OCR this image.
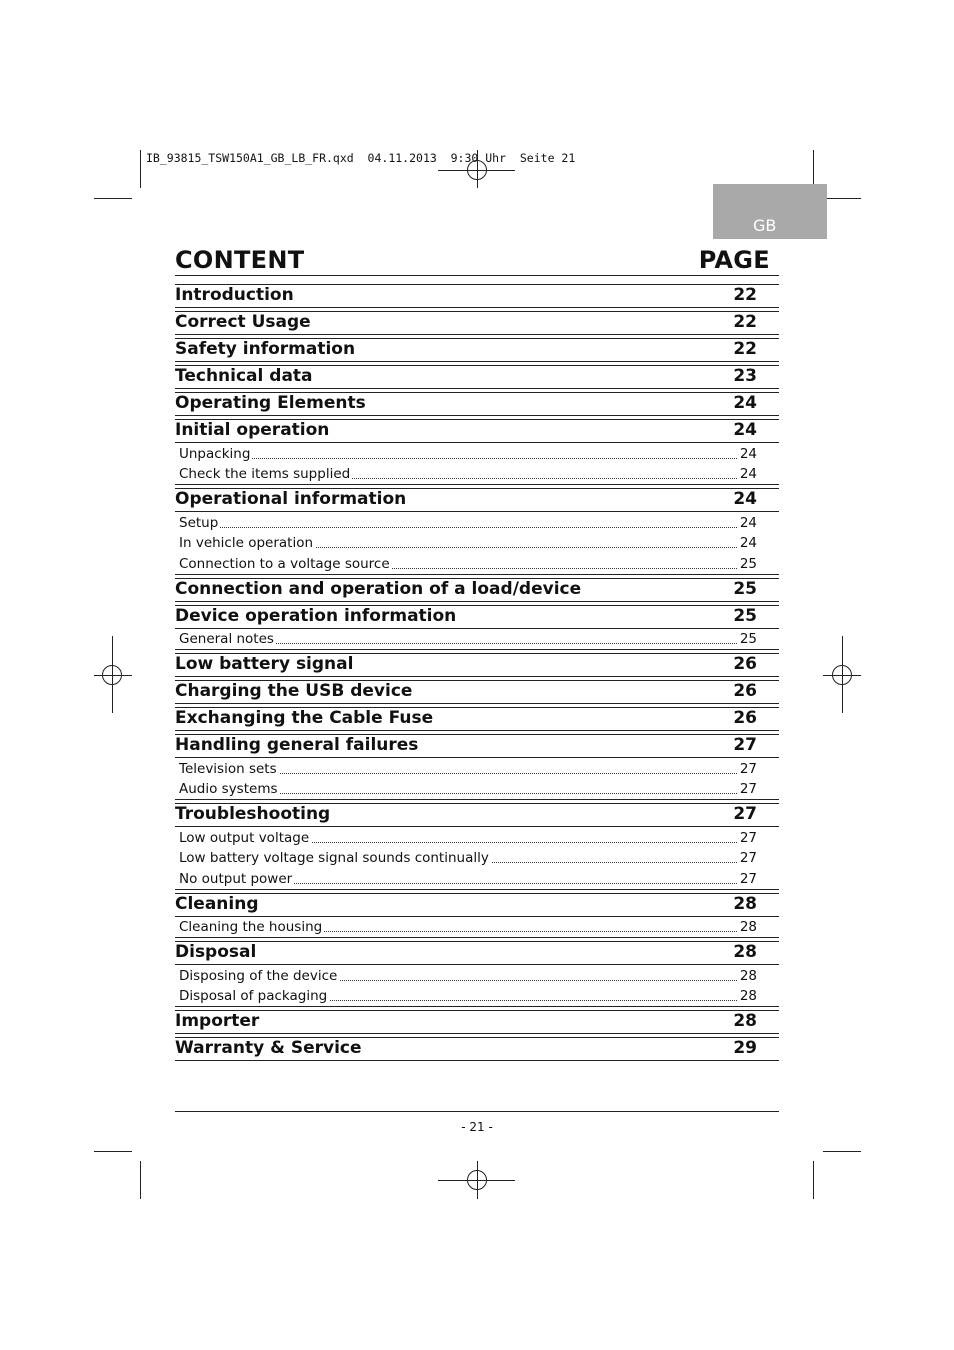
IB_93815_TSW150A1_GB_LB_FR.qxd  04.11.2013  9:30 Uhr  Seite 21
GB
CONTENT	PAGE
Introduction	22
Correct Usage	22
Safety information	22
Technical data	23
Operating Elements	24
Initial operation	24
Unpacking	24
Check the items supplied	24
Operational information	24
Setup	24
In vehicle operation	24
Connection to a voltage source	25
Connection and operation of a load/device	25
Device operation information	25
General notes	25
Low battery signal	26
Charging the USB device	26
Exchanging the Cable Fuse	26
Handling general failures	27
Television sets	27
Audio systems	27
Troubleshooting	27
Low output voltage	27
Low battery voltage signal sounds continually	27
No output power	27
Cleaning	28
Cleaning the housing	28
Disposal	28
Disposing of the device	28
Disposal of packaging	28
Importer	28
Warranty & Service	29
- 21 -
